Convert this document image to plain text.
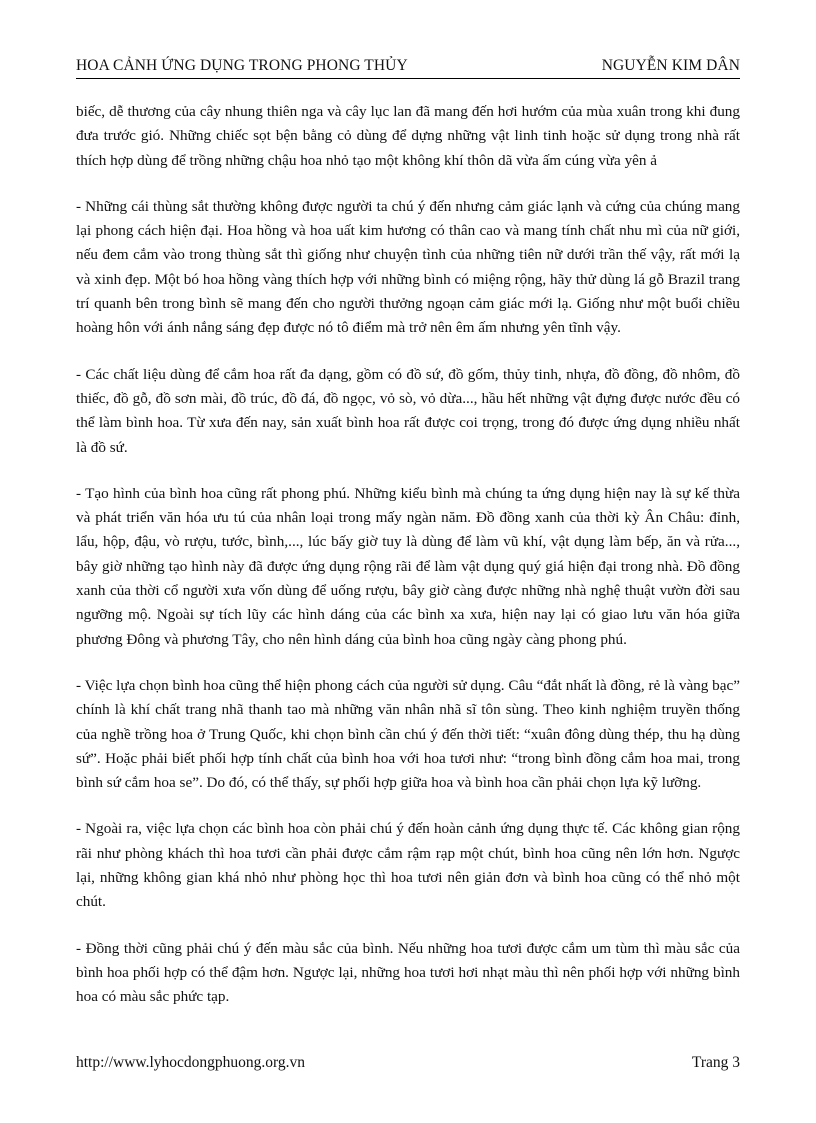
HOA CẢNH ỨNG DỤNG TRONG PHONG THỦY	NGUYỄN KIM DÂN

biếc, dễ thương của cây nhung thiên nga và cây lục lan đã mang đến hơi hướm của mùa xuân trong khi đung đưa trước gió. Những chiếc sọt bện bằng cỏ dùng để dựng những vật linh tinh hoặc sử dụng trong nhà rất thích hợp dùng để trồng những chậu hoa nhỏ tạo một không khí thôn dã vừa ấm cúng vừa yên ả

- Những cái thùng sắt thường không được người ta chú ý đến nhưng cảm giác lạnh và cứng của chúng mang lại phong cách hiện đại. Hoa hồng và hoa uất kim hương có thân cao và mang tính chất nhu mì của nữ giới, nếu đem cắm vào trong thùng sắt thì giống như chuyện tình của những tiên nữ dưới trần thế vậy, rất mới lạ và xinh đẹp. Một bó hoa hồng vàng thích hợp với những bình có miệng rộng, hãy thử dùng lá gỗ Brazil trang trí quanh bên trong bình sẽ mang đến cho người thưởng ngoạn cảm giác mới lạ. Giống như một buổi chiều hoàng hôn với ánh nắng sáng đẹp được nó tô điểm mà trở nên êm ấm nhưng yên tĩnh vậy.

- Các chất liệu dùng để cắm hoa rất đa dạng, gồm có đồ sứ, đồ gốm, thủy tinh, nhựa, đồ đồng, đồ nhôm, đồ thiếc, đồ gỗ, đồ sơn mài, đồ trúc, đồ đá, đồ ngọc, vỏ sò, vỏ dừa..., hầu hết những vật đựng được nước đều có thể làm bình hoa. Từ xưa đến nay, sản xuất bình hoa rất được coi trọng, trong đó được ứng dụng nhiều nhất là đồ sứ.

- Tạo hình của bình hoa cũng rất phong phú. Những kiểu bình mà chúng ta ứng dụng hiện nay là sự kế thừa và phát triển văn hóa ưu tú của nhân loại trong mấy ngàn năm. Đồ đồng xanh của thời kỳ Ân Châu: đỉnh, lẩu, hộp, đậu, vò rượu, tước, bình,..., lúc bấy giờ tuy là dùng để làm vũ khí, vật dụng làm bếp, ăn và rửa..., bây giờ những tạo hình này đã được ứng dụng rộng rãi để làm vật dụng quý giá hiện đại trong nhà. Đồ đồng xanh của thời cổ người xưa vốn dùng để uống rượu, bây giờ càng được những nhà nghệ thuật vườn đời sau ngưỡng mộ. Ngoài sự tích lũy các hình dáng của các bình xa xưa, hiện nay lại có giao lưu văn hóa giữa phương Đông và phương Tây, cho nên hình dáng của bình hoa cũng ngày càng phong phú.

- Việc lựa chọn bình hoa cũng thể hiện phong cách của người sử dụng. Câu “đắt nhất là đồng, rẻ là vàng bạc” chính là khí chất trang nhã thanh tao mà những văn nhân nhã sĩ tôn sùng. Theo kinh nghiệm truyền thống của nghề trồng hoa ở Trung Quốc, khi chọn bình cần chú ý đến thời tiết: “xuân đông dùng thép, thu hạ dùng sứ”. Hoặc phải biết phối hợp tính chất của bình hoa với hoa tươi như: “trong bình đồng cắm hoa mai, trong bình sứ cắm hoa se”. Do đó, có thể thấy, sự phối hợp giữa hoa và bình hoa cần phải chọn lựa kỹ lưỡng.

- Ngoài ra, việc lựa chọn các bình hoa còn phải chú ý đến hoàn cảnh ứng dụng thực tế. Các không gian rộng rãi như phòng khách thì hoa tươi cần phải được cắm rậm rạp một chút, bình hoa cũng nên lớn hơn. Ngược lại, những không gian khá nhỏ như phòng học thì hoa tươi nên giản đơn và bình hoa cũng có thể nhỏ một chút.

- Đồng thời cũng phải chú ý đến màu sắc của bình. Nếu những hoa tươi được cắm um tùm thì màu sắc của bình hoa phối hợp có thể đậm hơn. Ngược lại, những hoa tươi hơi nhạt màu thì nên phối hợp với những bình hoa có màu sắc phức tạp.

http://www.lyhocdongphuong.org.vn	Trang 3
